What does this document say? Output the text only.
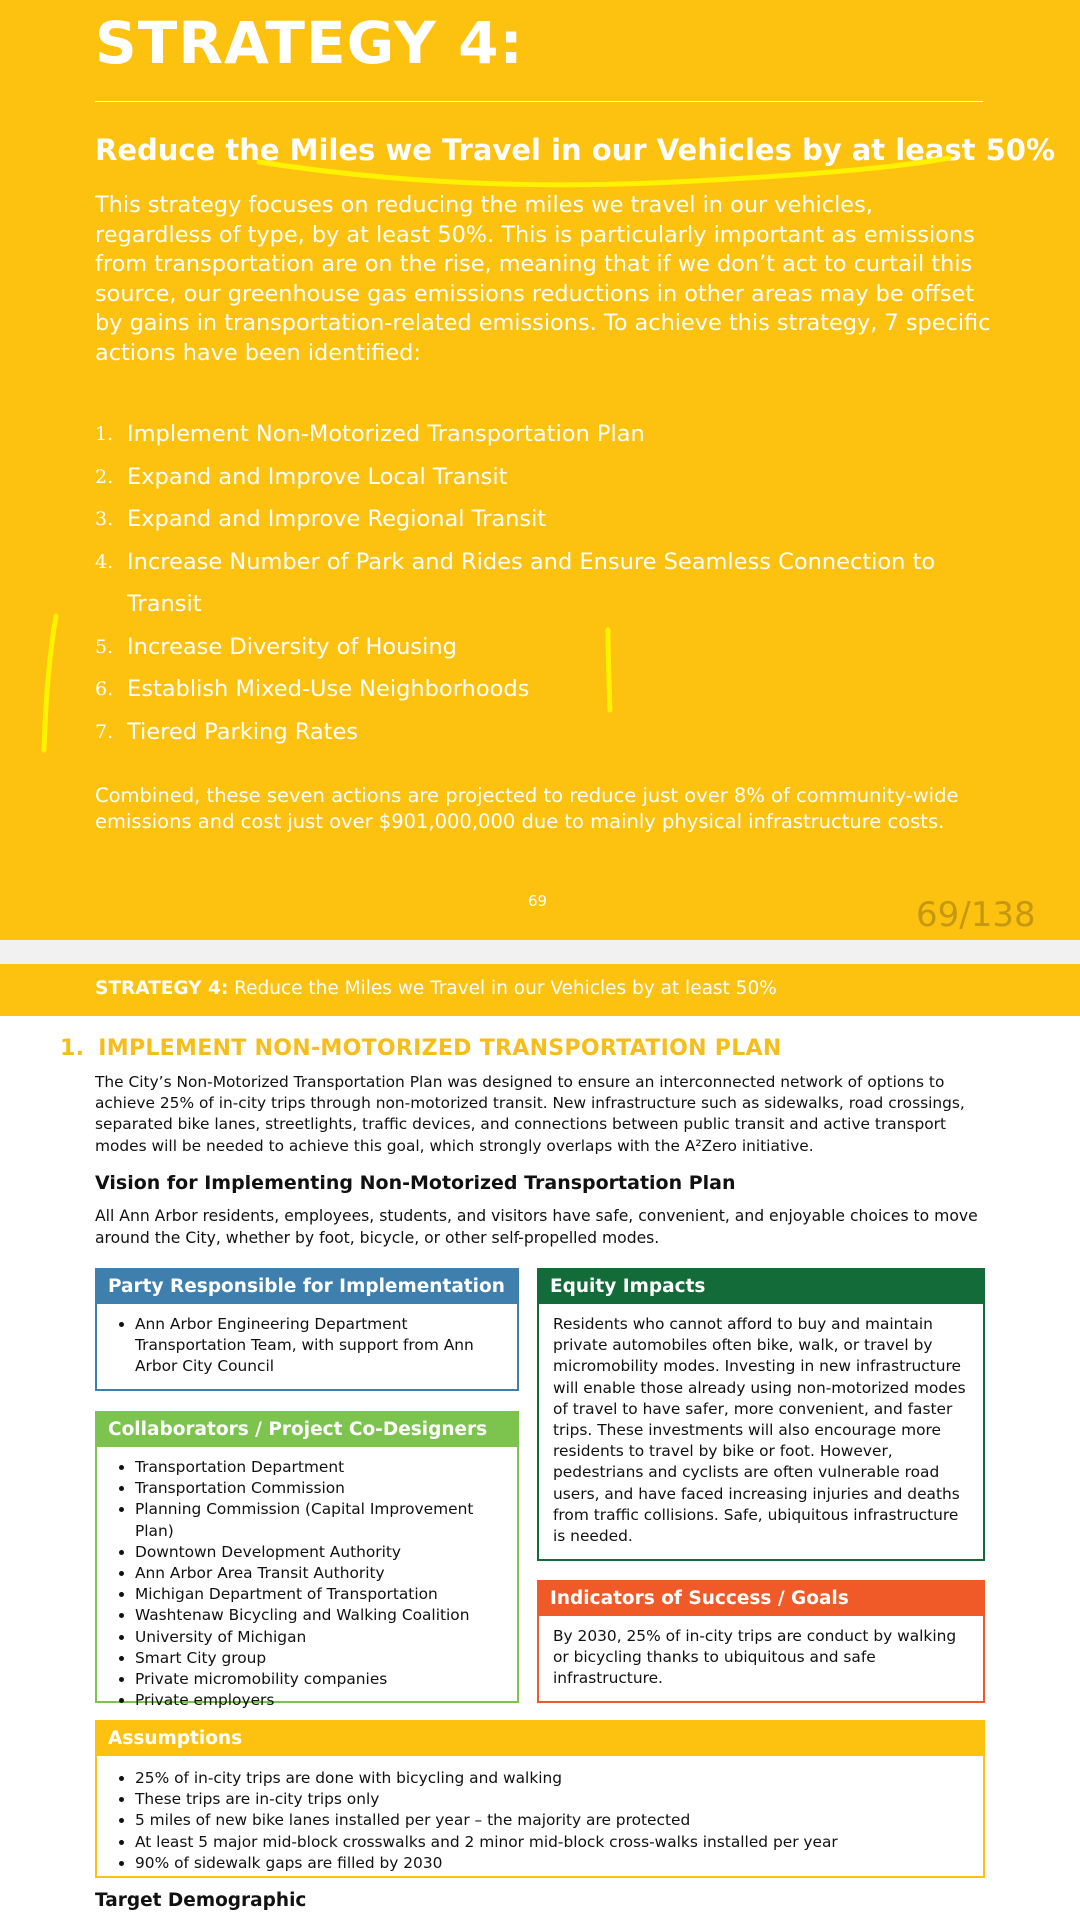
STRATEGY 4:
Reduce the Miles we Travel in our Vehicles by at least 50%
This strategy focuses on reducing the miles we travel in our vehicles, regardless of type, by at least 50%. This is particularly important as emissions from transportation are on the rise, meaning that if we don’t act to curtail this source, our greenhouse gas emissions reductions in other areas may be offset by gains in transportation-related emissions. To achieve this strategy, 7 specific actions have been identified:
1. Implement Non-Motorized Transportation Plan
2. Expand and Improve Local Transit
3. Expand and Improve Regional Transit
4. Increase Number of Park and Rides and Ensure Seamless Connection to Transit
5. Increase Diversity of Housing
6. Establish Mixed-Use Neighborhoods
7. Tiered Parking Rates
Combined, these seven actions are projected to reduce just over 8% of community-wide emissions and cost just over $901,000,000 due to mainly physical infrastructure costs.
69	69/138
STRATEGY 4: Reduce the Miles we Travel in our Vehicles by at least 50%
1. IMPLEMENT NON-MOTORIZED TRANSPORTATION PLAN
The City’s Non-Motorized Transportation Plan was designed to ensure an interconnected network of options to achieve 25% of in-city trips through non-motorized transit. New infrastructure such as sidewalks, road crossings, separated bike lanes, streetlights, traffic devices, and connections between public transit and active transport modes will be needed to achieve this goal, which strongly overlaps with the A²Zero initiative.
Vision for Implementing Non-Motorized Transportation Plan
All Ann Arbor residents, employees, students, and visitors have safe, convenient, and enjoyable choices to move around the City, whether by foot, bicycle, or other self-propelled modes.
Party Responsible for Implementation
• Ann Arbor Engineering Department Transportation Team, with support from Ann Arbor City Council
Collaborators / Project Co-Designers
• Transportation Department
• Transportation Commission
• Planning Commission (Capital Improvement Plan)
• Downtown Development Authority
• Ann Arbor Area Transit Authority
• Michigan Department of Transportation
• Washtenaw Bicycling and Walking Coalition
• University of Michigan
• Smart City group
• Private micromobility companies
• Private employers
Equity Impacts

Residents who cannot afford to buy and maintain private automobiles often bike, walk, or travel by micromobility modes. Investing in new infrastructure will enable those already using non-motorized modes of travel to have safer, more convenient, and faster trips. These investments will also encourage more residents to travel by bike or foot. However, pedestrians and cyclists are often vulnerable road users, and have faced increasing injuries and deaths from traffic collisions. Safe, ubiquitous infrastructure is needed.

Indicators of Success / Goals

By 2030, 25% of in-city trips are conduct by walking or bicycling thanks to ubiquitous and safe infrastructure.

Assumptions
• 25% of in-city trips are done with bicycling and walking
• These trips are in-city trips only
• 5 miles of new bike lanes installed per year – the majority are protected
• At least 5 major mid-block crosswalks and 2 minor mid-block cross-walks installed per year
• 90% of sidewalk gaps are filled by 2030
Target Demographic
